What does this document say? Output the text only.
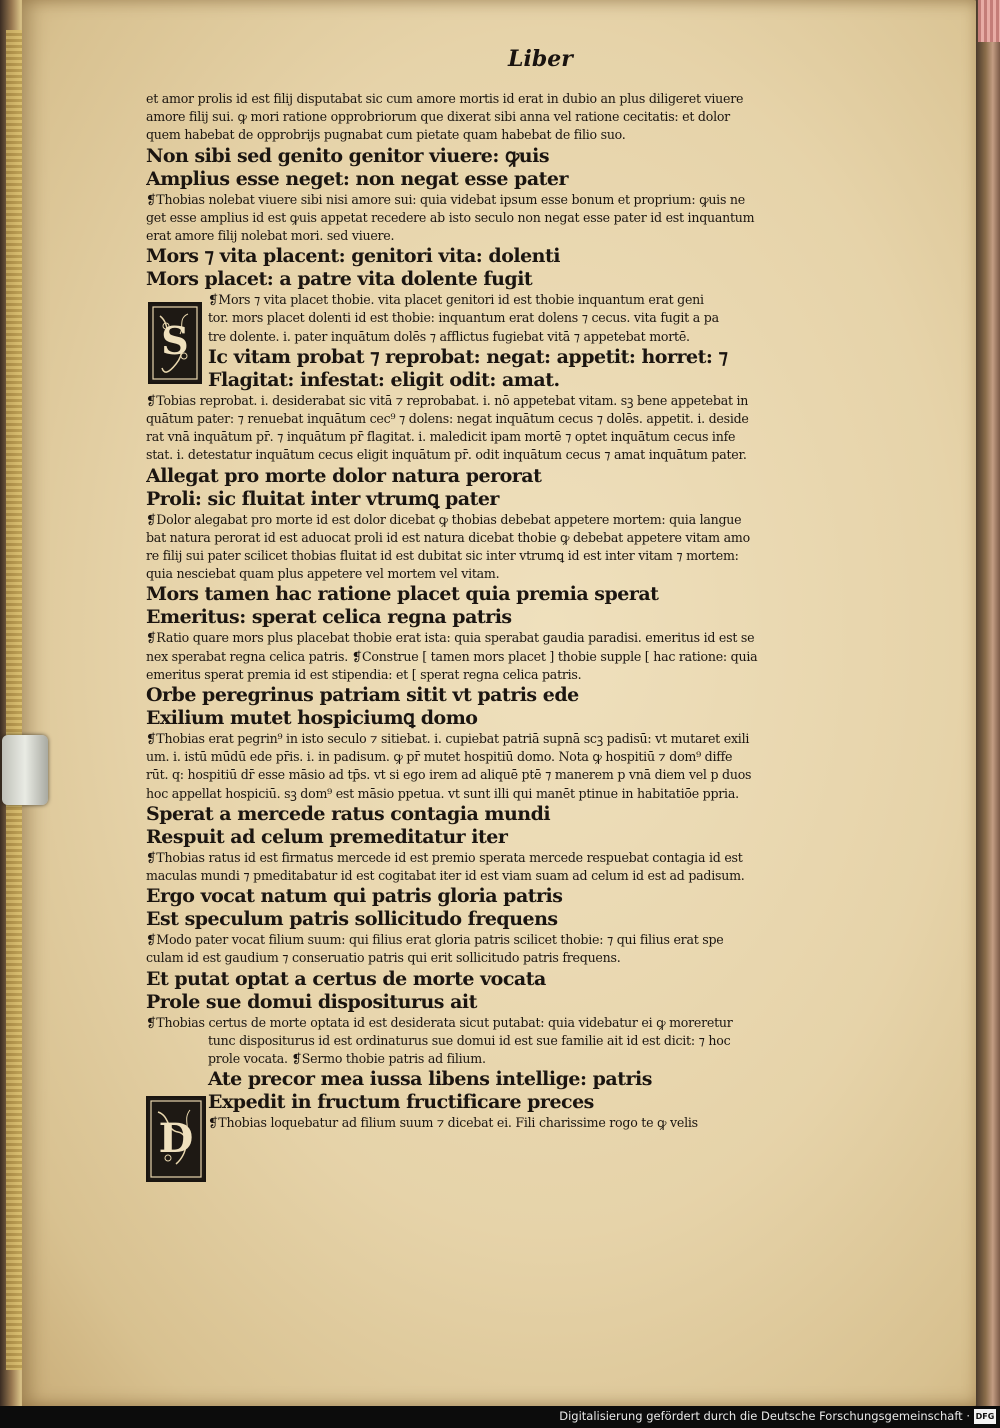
Liber
S
D
et amor prolis id est filij disputabat sic cum amore mortis id erat in dubio an plus diligeret viuere
amore filij sui. ꝙ mori ratione opprobriorum que dixerat sibi anna vel ratione cecitatis: et dolor
quem habebat de opprobrijs pugnabat cum pietate quam habebat de filio suo.
Non sibi sed genito genitor viuere: ꝙuis
Amplius esse neget: non negat esse pater
❡Thobias nolebat viuere sibi nisi amore sui: quia videbat ipsum esse bonum et proprium: ꝙuis ne
get esse amplius id est ꝙuis appetat recedere ab isto seculo non negat esse pater id est inquantum
erat amore filij nolebat mori. sed viuere.
Mors ⁊ vita placent: genitori vita: dolenti
Mors placet: a patre vita dolente fugit
❡Mors ⁊ vita placet thobie. vita placet genitori id est thobie inquantum erat geni
tor. mors placet dolenti id est thobie: inquantum erat dolens ⁊ cecus. vita fugit a pa
tre dolente. i. pater inquātum dolēs ⁊ afflictus fugiebat vitā ⁊ appetebat mortē.
Ic vitam probat ⁊ reprobat: negat: appetit: horret: ⁊
Flagitat: infestat: eligit odit: amat.
❡Tobias reprobat. i. desiderabat sic vitā ⁊ reprobabat. i. nō appetebat vitam. sꝫ bene appetebat in
quātum pater: ⁊ renuebat inquātum cec⁹ ⁊ dolens: negat inquātum cecus ⁊ dolēs. appetit. i. deside
rat vnā inquātum pr̄. ⁊ inquātum pr̄ flagitat. i. maledicit ipam mortē ⁊ optet inquātum cecus infe
stat. i. detestatur inquātum cecus eligit inquātum pr̄. odit inquātum cecus ⁊ amat inquātum pater.
Allegat pro morte dolor natura perorat
Proli: sic fluitat inter vtrumꝗ pater
❡Dolor alegabat pro morte id est dolor dicebat ꝙ thobias debebat appetere mortem: quia langue
bat natura perorat id est aduocat proli id est natura dicebat thobie ꝙ debebat appetere vitam amo
re filij sui pater scilicet thobias fluitat id est dubitat sic inter vtrumꝗ id est inter vitam ⁊ mortem:
quia nesciebat quam plus appetere vel mortem vel vitam.
Mors tamen hac ratione placet quia premia sperat
Emeritus: sperat celica regna patris
❡Ratio quare mors plus placebat thobie erat ista: quia sperabat gaudia paradisi. emeritus id est se
nex sperabat regna celica patris. ❡Construe [ tamen mors placet ] thobie supple [ hac ratione: quia
emeritus sperat premia id est stipendia: et [ sperat regna celica patris.
Orbe peregrinus patriam sitit vt patris ede
Exilium mutet hospiciumꝗ domo
❡Thobias erat pegrin⁹ in isto seculo ⁊ sitiebat. i. cupiebat patriā supnā scꝫ padisū: vt mutaret exili
um. i. istū mūdū ede pr̄is. i. in padisum. ꝙ pr̄ mutet hospitiū domo. Nota ꝙ hospitiū ⁊ dom⁹ diffe
rūt. q: hospitiū dr̄ esse māsio ad tp̄s. vt si ego irem ad aliquē ptē ⁊ manerem p vnā diem vel p duos
hoc appellat hospiciū. sꝫ dom⁹ est māsio ppetua. vt sunt illi qui manēt ptinue in habitatiōe ppria.
Sperat a mercede ratus contagia mundi
Respuit ad celum premeditatur iter
❡Thobias ratus id est firmatus mercede id est premio sperata mercede respuebat contagia id est
maculas mundi ⁊ pmeditabatur id est cogitabat iter id est viam suam ad celum id est ad padisum.
Ergo vocat natum qui patris gloria patris
Est speculum patris sollicitudo frequens
❡Modo pater vocat filium suum: qui filius erat gloria patris scilicet thobie: ⁊ qui filius erat spe
culam id est gaudium ⁊ conseruatio patris qui erit sollicitudo patris frequens.
Et putat optat a certus de morte vocata
Prole sue domui dispositurus ait
❡Thobias certus de morte optata id est desiderata sicut putabat: quia videbatur ei ꝙ moreretur
tunc dispositurus id est ordinaturus sue domui id est sue familie ait id est dicit: ⁊ hoc
prole vocata. ❡Sermo thobie patris ad filium.
Ate precor mea iussa libens intellige: patris
Expedit in fructum fructificare preces
❡Thobias loquebatur ad filium suum ⁊ dicebat ei. Fili charissime rogo te ꝙ velis
Digitalisierung gefördert durch die Deutsche Forschungsgemeinschaft · DFG
